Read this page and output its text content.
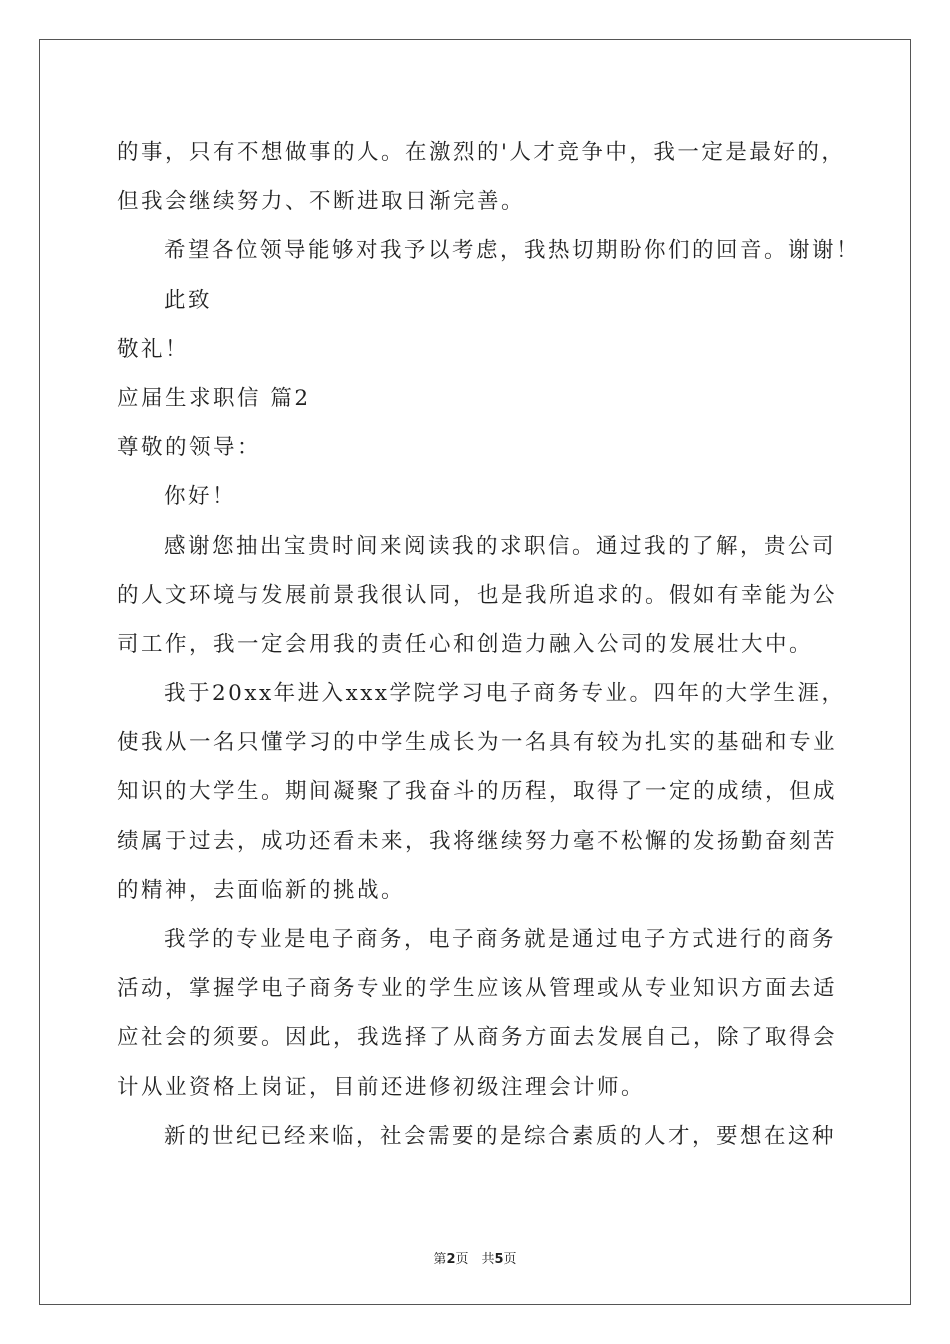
的事，只有不想做事的人。在激烈的'人才竞争中，我一定是最好的，
但我会继续努力、不断进取日渐完善。
希望各位领导能够对我予以考虑，我热切期盼你们的回音。谢谢！
此致
敬礼！
应届生求职信 篇2
尊敬的领导：
你好！
感谢您抽出宝贵时间来阅读我的求职信。通过我的了解，贵公司
的人文环境与发展前景我很认同，也是我所追求的。假如有幸能为公
司工作，我一定会用我的责任心和创造力融入公司的发展壮大中。
我于20xx年进入xxx学院学习电子商务专业。四年的大学生涯，
使我从一名只懂学习的中学生成长为一名具有较为扎实的基础和专业
知识的大学生。期间凝聚了我奋斗的历程，取得了一定的成绩，但成
绩属于过去，成功还看未来，我将继续努力毫不松懈的发扬勤奋刻苦
的精神，去面临新的挑战。
我学的专业是电子商务，电子商务就是通过电子方式进行的商务
活动，掌握学电子商务专业的学生应该从管理或从专业知识方面去适
应社会的须要。因此，我选择了从商务方面去发展自己，除了取得会
计从业资格上岗证，目前还进修初级注理会计师。
新的世纪已经来临，社会需要的是综合素质的人才，要想在这种
第2页　共5页
